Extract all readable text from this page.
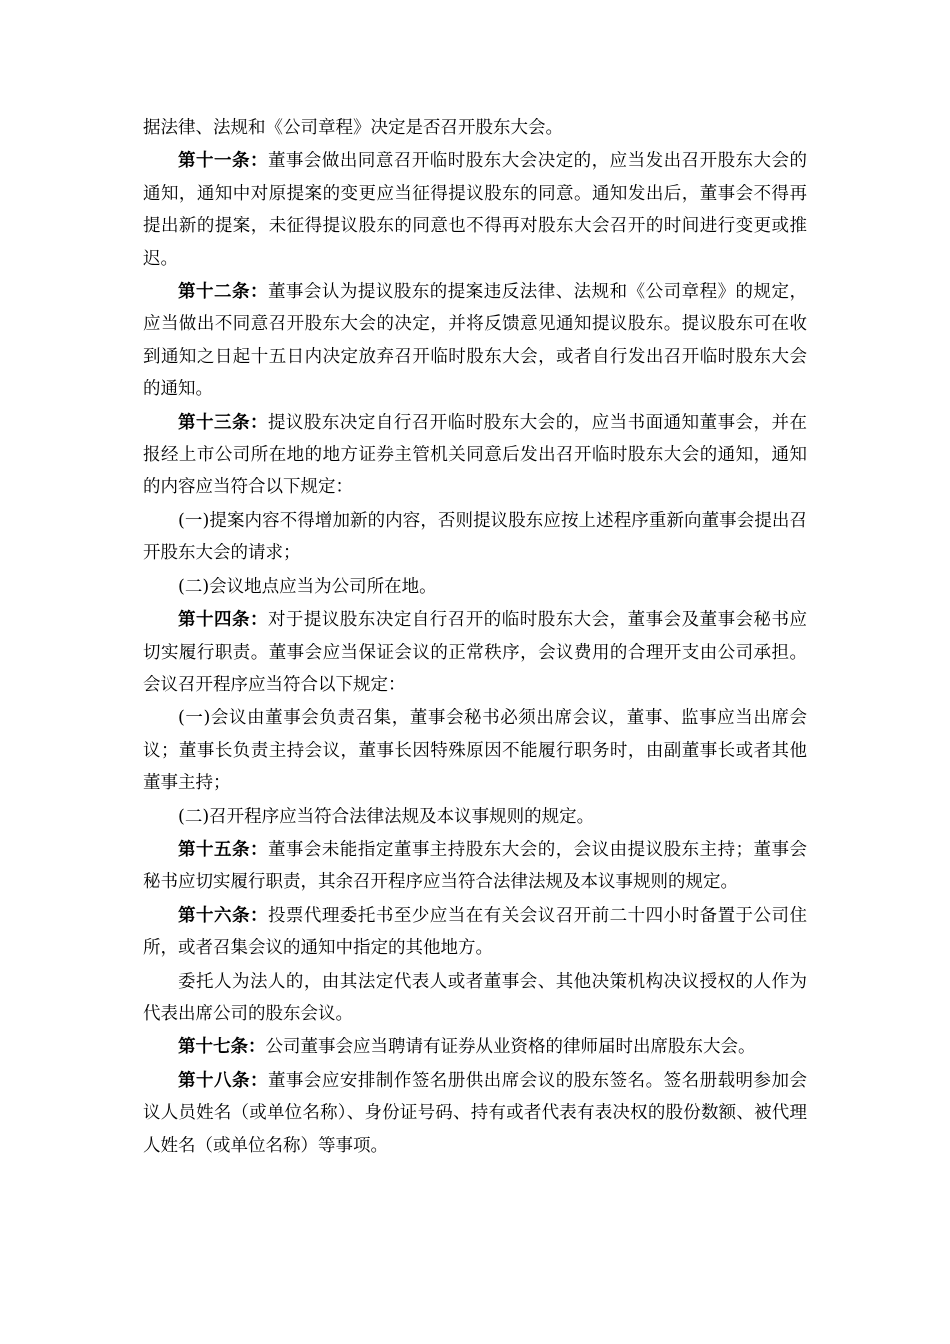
据法律、法规和《公司章程》决定是否召开股东大会。

第十一条：董事会做出同意召开临时股东大会决定的，应当发出召开股东大会的通知，通知中对原提案的变更应当征得提议股东的同意。通知发出后，董事会不得再提出新的提案，未征得提议股东的同意也不得再对股东大会召开的时间进行变更或推迟。

第十二条：董事会认为提议股东的提案违反法律、法规和《公司章程》的规定，应当做出不同意召开股东大会的决定，并将反馈意见通知提议股东。提议股东可在收到通知之日起十五日内决定放弃召开临时股东大会，或者自行发出召开临时股东大会的通知。

第十三条：提议股东决定自行召开临时股东大会的，应当书面通知董事会，并在报经上市公司所在地的地方证券主管机关同意后发出召开临时股东大会的通知，通知的内容应当符合以下规定：

(一)提案内容不得增加新的内容，否则提议股东应按上述程序重新向董事会提出召开股东大会的请求；

(二)会议地点应当为公司所在地。

第十四条：对于提议股东决定自行召开的临时股东大会，董事会及董事会秘书应切实履行职责。董事会应当保证会议的正常秩序，会议费用的合理开支由公司承担。会议召开程序应当符合以下规定：

(一)会议由董事会负责召集，董事会秘书必须出席会议，董事、监事应当出席会议；董事长负责主持会议，董事长因特殊原因不能履行职务时，由副董事长或者其他董事主持；

(二)召开程序应当符合法律法规及本议事规则的规定。

第十五条：董事会未能指定董事主持股东大会的，会议由提议股东主持；董事会秘书应切实履行职责，其余召开程序应当符合法律法规及本议事规则的规定。

第十六条：投票代理委托书至少应当在有关会议召开前二十四小时备置于公司住所，或者召集会议的通知中指定的其他地方。

委托人为法人的，由其法定代表人或者董事会、其他决策机构决议授权的人作为代表出席公司的股东会议。

第十七条：公司董事会应当聘请有证券从业资格的律师届时出席股东大会。

第十八条：董事会应安排制作签名册供出席会议的股东签名。签名册载明参加会议人员姓名（或单位名称）、身份证号码、持有或者代表有表决权的股份数额、被代理人姓名（或单位名称）等事项。
